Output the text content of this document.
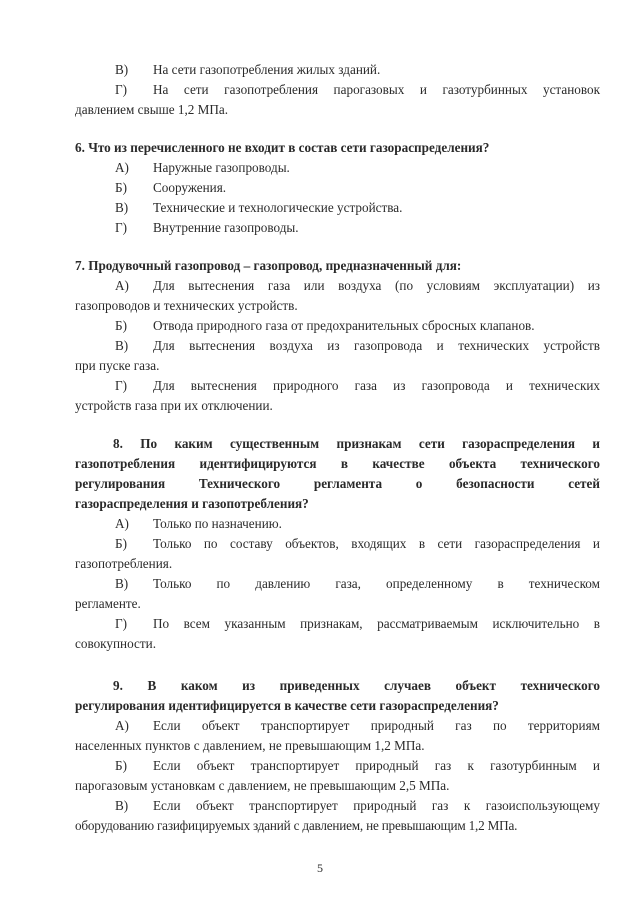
В)	На сети газопотребления жилых зданий.
Г)	На сети газопотребления парогазовых и газотурбинных установок
давлением свыше 1,2 МПа.
6. Что из перечисленного не входит в состав сети газораспределения?
А)	Наружные газопроводы.
Б)	Сооружения.
В)	Технические и технологические устройства.
Г)	Внутренние газопроводы.
7. Продувочный газопровод – газопровод, предназначенный для:
А)	Для вытеснения газа или воздуха (по условиям эксплуатации) из
газопроводов и технических устройств.
Б)	Отвода природного газа от предохранительных сбросных клапанов.
В)	Для вытеснения воздуха из газопровода и технических устройств
при пуске газа.
Г)	Для вытеснения природного газа из газопровода и технических
устройств газа при их отключении.
8. По каким существенным признакам сети газораспределения и
газопотребления идентифицируются в качестве объекта технического
регулирования Технического регламента о безопасности сетей
газораспределения и газопотребления?
А)	Только по назначению.
Б)	Только по составу объектов, входящих в сети газораспределения и
газопотребления.
В)	Только по давлению газа, определенному в техническом
регламенте.
Г)	По всем указанным признакам, рассматриваемым исключительно в
совокупности.
9. В каком из приведенных случаев объект технического
регулирования идентифицируется в качестве сети газораспределения?
А)	Если объект транспортирует природный газ по территориям
населенных пунктов с давлением, не превышающим 1,2 МПа.
Б)	Если объект транспортирует природный газ к газотурбинным и
парогазовым установкам с давлением, не превышающим 2,5 МПа.
В)	Если объект транспортирует природный газ к газоиспользующему
оборудованию газифицируемых зданий с давлением, не превышающим 1,2 МПа.
5
